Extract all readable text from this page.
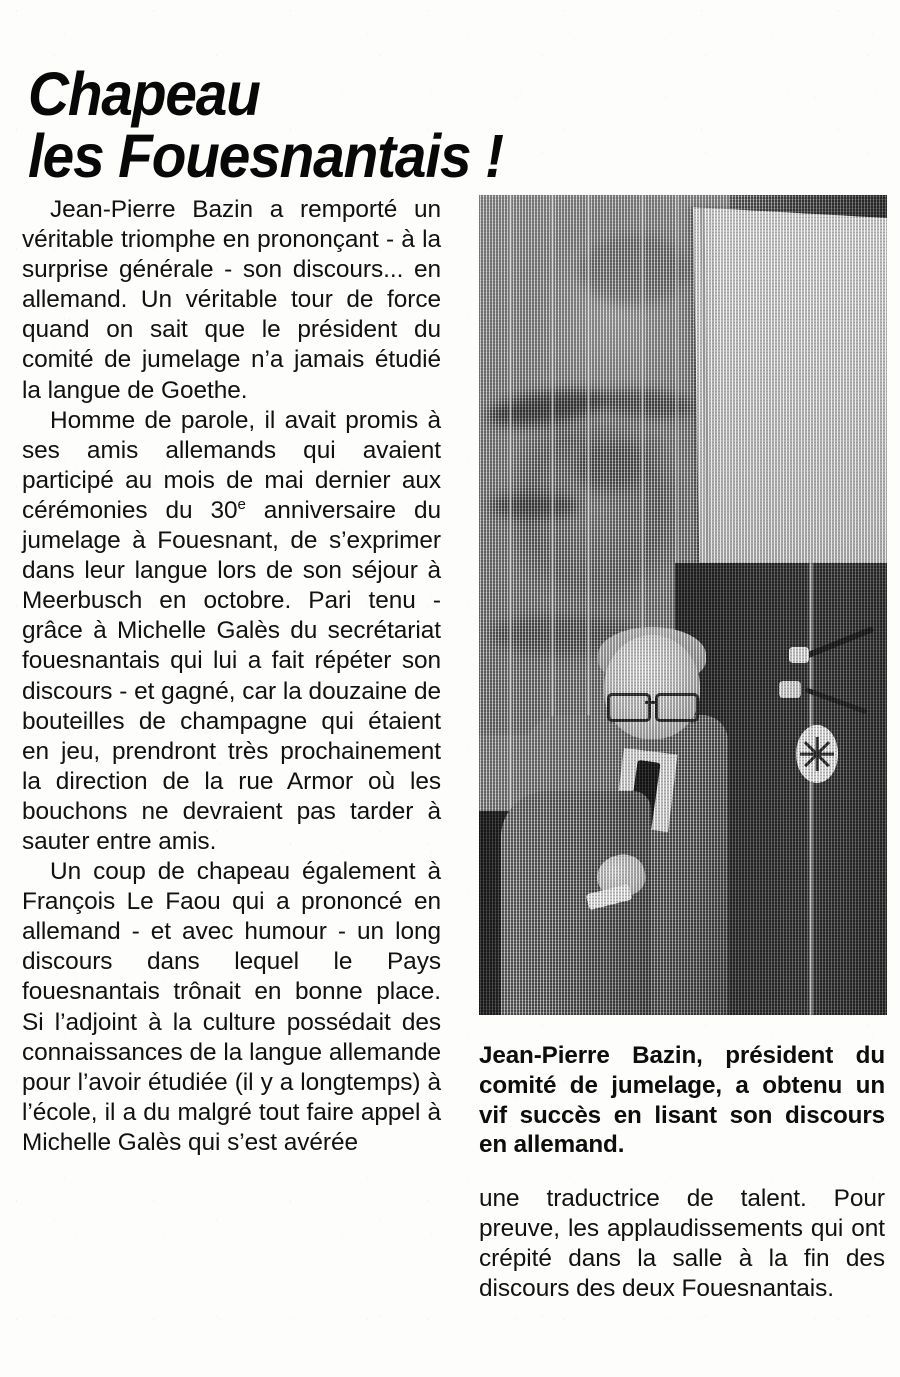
Chapeau
les Fouesnantais !

Jean-Pierre Bazin a remporté un véritable triomphe en prononçant - à la surprise générale - son discours... en allemand. Un véritable tour de force quand on sait que le président du comité de jumelage n’a jamais étudié la langue de Goethe.

Homme de parole, il avait promis à ses amis allemands qui avaient participé au mois de mai dernier aux cérémonies du 30e anniversaire du jumelage à Fouesnant, de s’exprimer dans leur langue lors de son séjour à Meerbusch en octobre. Pari tenu - grâce à Michelle Galès du secrétariat fouesnantais qui lui a fait répéter son discours - et gagné, car la douzaine de bouteilles de champagne qui étaient en jeu, prendront très prochainement la direction de la rue Armor où les bouchons ne devraient pas tarder à sauter entre amis.

Un coup de chapeau également à François Le Faou qui a prononcé en allemand - et avec humour - un long discours dans lequel le Pays fouesnantais trônait en bonne place. Si l’adjoint à la culture possédait des connaissances de la langue allemande pour l’avoir étudiée (il y a longtemps) à l’école, il a du malgré tout faire appel à Michelle Galès qui s’est avérée

Jean-Pierre Bazin, président du comité de jumelage, a obtenu un vif succès en lisant son discours en allemand.

une traductrice de talent. Pour preuve, les applaudissements qui ont crépité dans la salle à la fin des discours des deux Fouesnantais.
